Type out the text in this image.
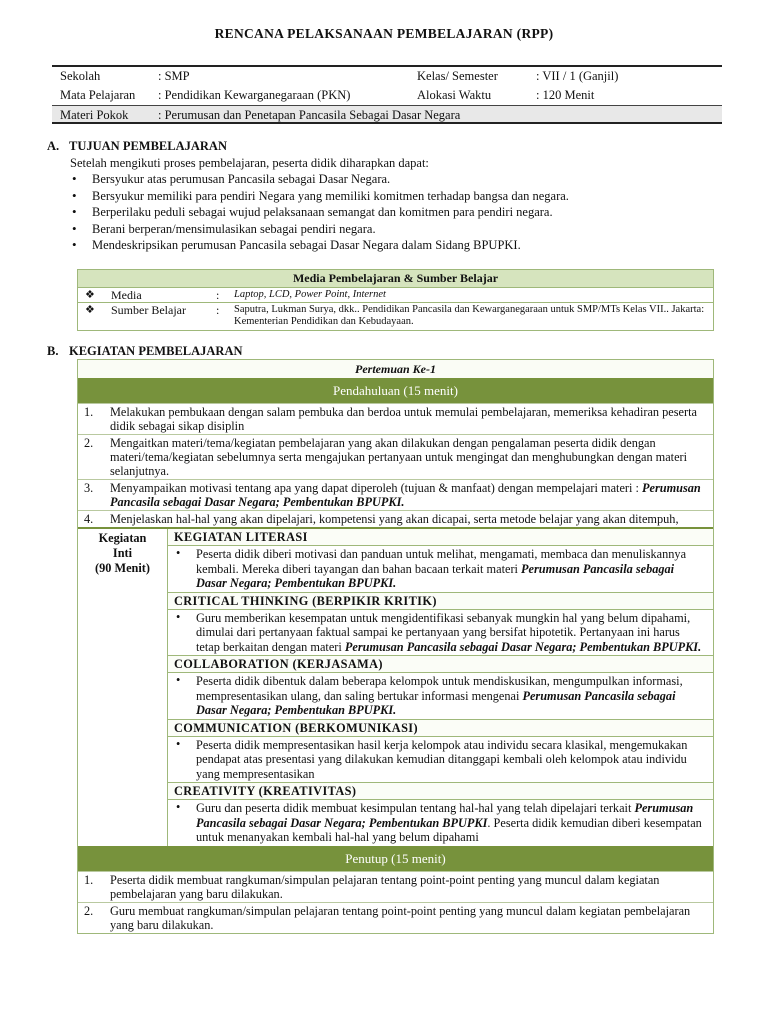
RENCANA PELAKSANAAN PEMBELAJARAN (RPP)
Sekolah	: SMP	Kelas/ Semester	: VII / 1 (Ganjil)
Mata Pelajaran : Pendidikan Kewarganegaraan (PKN)	Alokasi Waktu	: 120 Menit
Materi Pokok : Perumusan dan Penetapan Pancasila Sebagai Dasar Negara
A. TUJUAN PEMBELAJARAN
Setelah mengikuti proses pembelajaran, peserta didik diharapkan dapat:
• Bersyukur atas perumusan Pancasila sebagai Dasar Negara.
• Bersyukur memiliki para pendiri Negara yang memiliki komitmen terhadap bangsa dan negara.
• Berperilaku peduli sebagai wujud pelaksanaan semangat dan komitmen para pendiri negara.
• Berani berperan/mensimulasikan sebagai pendiri negara.
• Mendeskripsikan perumusan Pancasila sebagai Dasar Negara dalam Sidang BPUPKI.
Media Pembelajaran & Sumber Belajar
❖ Media	: Laptop, LCD, Power Point, Internet
❖ Sumber Belajar	: Saputra, Lukman Surya, dkk.. Pendidikan Pancasila dan Kewarganegaraan untuk SMP/MTs Kelas VII.. Jakarta: Kementerian Pendidikan dan Kebudayaan.
B. KEGIATAN PEMBELAJARAN
Pertemuan Ke-1
Pendahuluan (15 menit)
1. Melakukan pembukaan dengan salam pembuka dan berdoa untuk memulai pembelajaran, memeriksa kehadiran peserta didik sebagai sikap disiplin
2. Mengaitkan materi/tema/kegiatan pembelajaran yang akan dilakukan dengan pengalaman peserta didik dengan materi/tema/kegiatan sebelumnya serta mengajukan pertanyaan untuk mengingat dan menghubungkan dengan materi selanjutnya.
3. Menyampaikan motivasi tentang apa yang dapat diperoleh (tujuan & manfaat) dengan mempelajari materi : Perumusan Pancasila sebagai Dasar Negara; Pembentukan BPUPKI.
4. Menjelaskan hal-hal yang akan dipelajari, kompetensi yang akan dicapai, serta metode belajar yang akan ditempuh,
Kegiatan
Inti
(90 Menit)
KEGIATAN LITERASI
• Peserta didik diberi motivasi dan panduan untuk melihat, mengamati, membaca dan menuliskannya kembali. Mereka diberi tayangan dan bahan bacaan terkait materi Perumusan Pancasila sebagai Dasar Negara; Pembentukan BPUPKI.
CRITICAL THINKING (BERPIKIR KRITIK)
• Guru memberikan kesempatan untuk mengidentifikasi sebanyak mungkin hal yang belum dipahami, dimulai dari pertanyaan faktual sampai ke pertanyaan yang bersifat hipotetik. Pertanyaan ini harus tetap berkaitan dengan materi Perumusan Pancasila sebagai Dasar Negara; Pembentukan BPUPKI.
COLLABORATION (KERJASAMA)
• Peserta didik dibentuk dalam beberapa kelompok untuk mendiskusikan, mengumpulkan informasi, mempresentasikan ulang, dan saling bertukar informasi mengenai Perumusan Pancasila sebagai Dasar Negara; Pembentukan BPUPKI.
COMMUNICATION (BERKOMUNIKASI)
• Peserta didik mempresentasikan hasil kerja kelompok atau individu secara klasikal, mengemukakan pendapat atas presentasi yang dilakukan kemudian ditanggapi kembali oleh kelompok atau individu yang mempresentasikan
CREATIVITY (KREATIVITAS)
• Guru dan peserta didik membuat kesimpulan tentang hal-hal yang telah dipelajari terkait Perumusan Pancasila sebagai Dasar Negara; Pembentukan BPUPKI. Peserta didik kemudian diberi kesempatan untuk menanyakan kembali hal-hal yang belum dipahami
Penutup (15 menit)
1. Peserta didik membuat rangkuman/simpulan pelajaran tentang point-point penting yang muncul dalam kegiatan pembelajaran yang baru dilakukan.
2. Guru membuat rangkuman/simpulan pelajaran tentang point-point penting yang muncul dalam kegiatan pembelajaran yang baru dilakukan.
